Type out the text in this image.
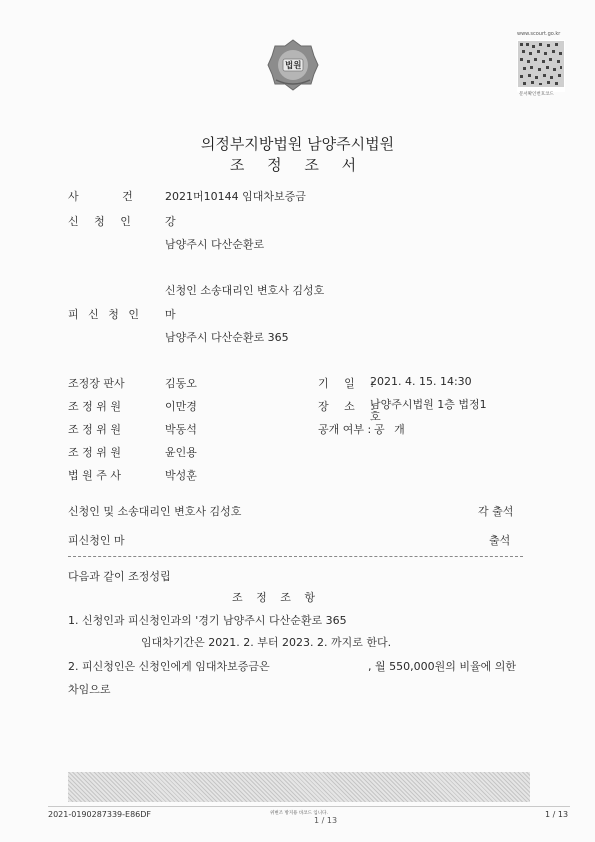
법원
www.scourt.go.kr
문서확인번호코드
의정부지방법원 남양주시법원
조 정 조 서
사 건 2021머10144 임대차보증금
신 청 인	강
남양주시 다산순환로
신청인 소송대리인 변호사 김성호
피 신 청 인 마
남양주시 다산순환로 365
조정장 판사	김동오
조 정 위 원	이만경
조 정 위 원	박동석
조 정 위 원	윤인용
법 원 주 사	박성훈
기 일 :
2021. 4. 15. 14:30
장 소 :
남양주시법원 1층 법정1
호
공개 여부 : 공 개
신청인 및 소송대리인 변호사 김성호	각 출석
피신청인 마	출석
다음과 같이 조정성립
조 정 조 항
1. 신청인과 피신청인과의 '경기 남양주시 다산순환로 365
임대차기간은 2021. 2. 부터 2023. 2. 까지로 한다.
2. 피신청인은 신청인에게 임대차보증금은	, 월 550,000원의 비율에 의한
차임으로
2021-0190287339-E86DF	위변조 방지용 바코드 입니다.
1 / 13
1 / 13
